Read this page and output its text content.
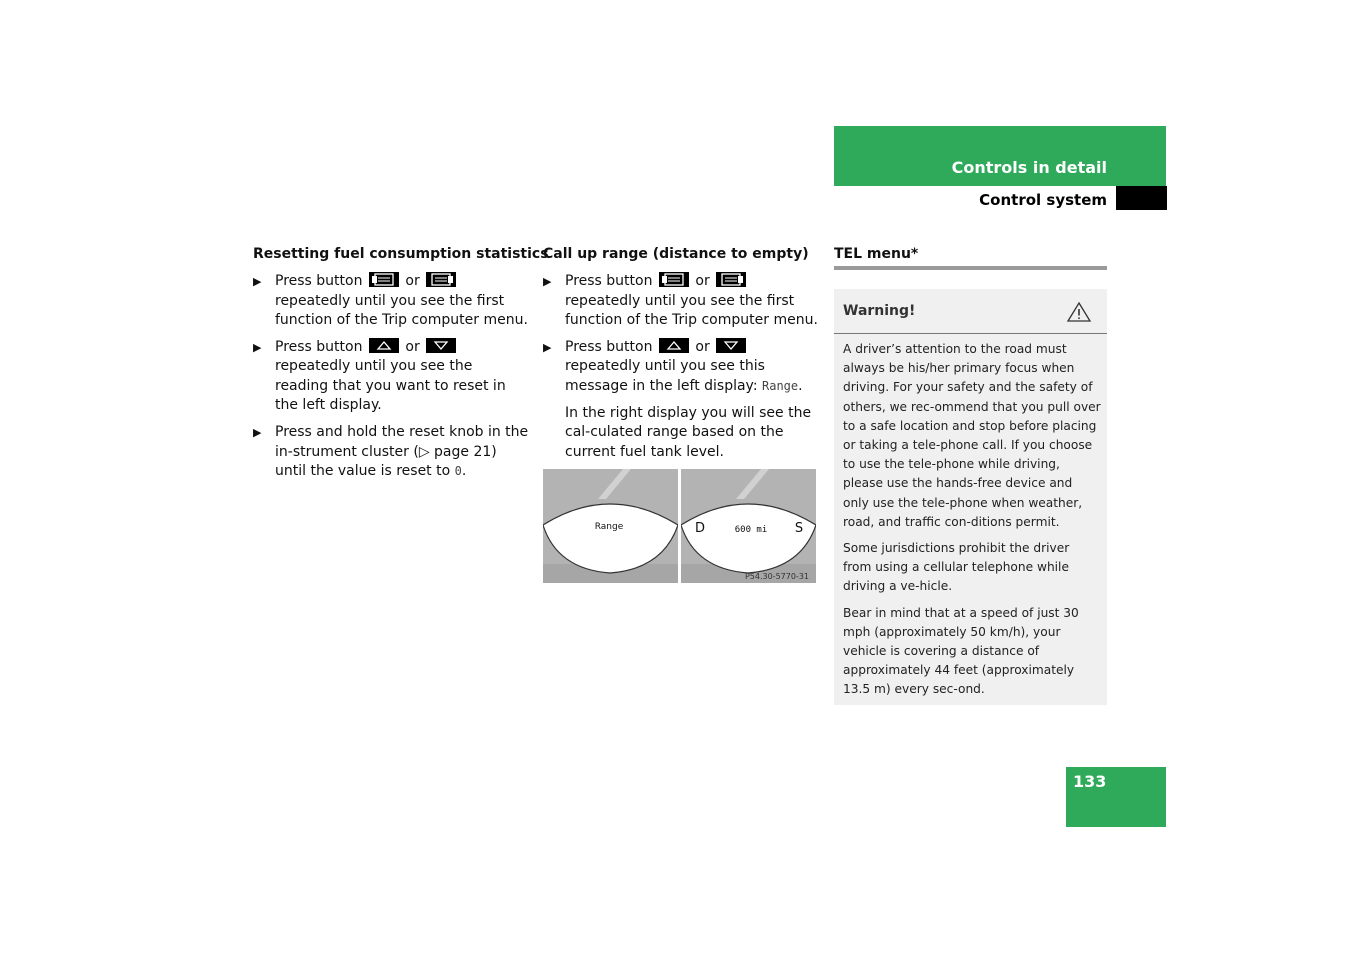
Controls in detail
Control system
Resetting fuel consumption statistics
▶ Press button	or
repeatedly until you see the first function of the Trip computer menu.
▶ Press button	or
repeatedly until you see the reading that you want to reset in the left display.
▶ Press and hold the reset knob in the in-strument cluster (▷ page 21) until the value is reset to 0.
Call up range (distance to empty)
▶ Press button	or
repeatedly until you see the first function of the Trip computer menu.
▶ Press button	or
repeatedly until you see this message in the left display: Range.
In the right display you will see the cal-culated range based on the current fuel tank level.
Range	D	600 mi S
P54.30-5770-31
TEL menu*
Warning!

A driver’s attention to the road must always be his/her primary focus when driving. For your safety and the safety of others, we rec-ommend that you pull over to a safe location and stop before placing or taking a tele-phone call. If you choose to use the tele-phone while driving, please use the hands-free device and only use the tele-phone when weather, road, and traffic con-ditions permit.

Some jurisdictions prohibit the driver from using a cellular telephone while driving a ve-hicle.

Bear in mind that at a speed of just 30 mph (approximately 50 km/h), your vehicle is covering a distance of approximately 44 feet (approximately 13.5 m) every sec-ond.

133
